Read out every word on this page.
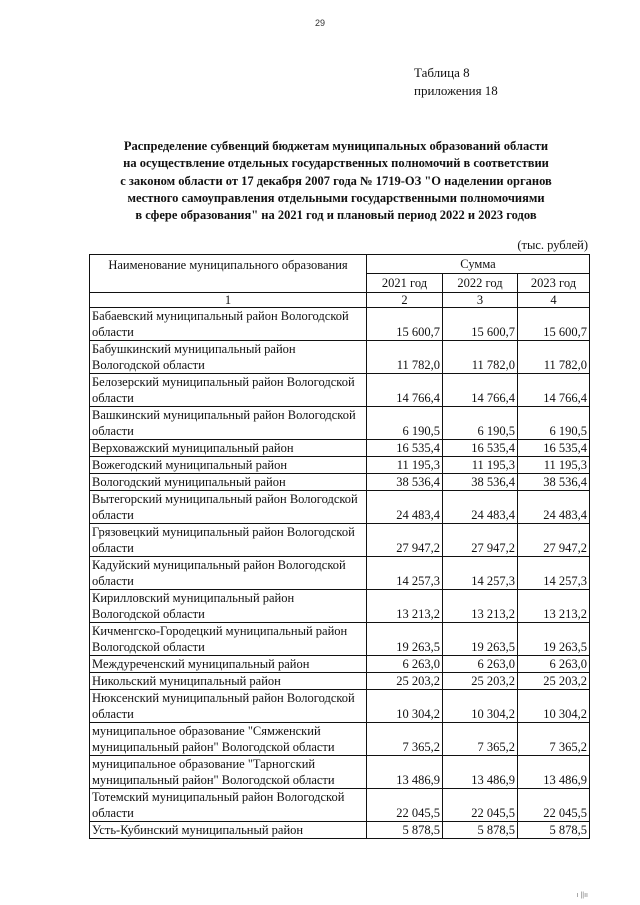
29
Таблица 8
приложения 18
Распределение субвенций бюджетам муниципальных образований области
на осуществление отдельных государственных полномочий в соответствии
с законом области от 17 декабря 2007 года № 1719-ОЗ "О наделении органов
местного самоуправления отдельными государственными полномочиями
в сфере образования" на 2021 год и плановый период 2022 и 2023 годов
(тыс. рублей)
Наименование муниципального образования	Сумма		
	2021 год	2022 год	2023 год
1	2	3	4
Бабаевский муниципальный район Вологодской области	15 600,7	15 600,7	15 600,7
Бабушкинский муниципальный район Вологодской области	11 782,0	11 782,0	11 782,0
Белозерский муниципальный район Вологодской области	14 766,4	14 766,4	14 766,4
Вашкинский муниципальный район Вологодской области	6 190,5	6 190,5	6 190,5
Верховажский муниципальный район	16 535,4	16 535,4	16 535,4
Вожегодский муниципальный район	11 195,3	11 195,3	11 195,3
Вологодский муниципальный район	38 536,4	38 536,4	38 536,4
Вытегорский муниципальный район Вологодской области	24 483,4	24 483,4	24 483,4
Грязовецкий муниципальный район Вологодской области	27 947,2	27 947,2	27 947,2
Кадуйский муниципальный район Вологодской области	14 257,3	14 257,3	14 257,3
Кирилловский муниципальный район Вологодской области	13 213,2	13 213,2	13 213,2
Кичменгско-Городецкий муниципальный район Вологодской области	19 263,5	19 263,5	19 263,5
Междуреченский муниципальный район	6 263,0	6 263,0	6 263,0
Никольский муниципальный район	25 203,2	25 203,2	25 203,2
Нюксенский муниципальный район Вологодской области	10 304,2	10 304,2	10 304,2
муниципальное образование "Сямженский муниципальный район" Вологодской области	7 365,2	7 365,2	7 365,2
муниципальное образование "Тарногский муниципальный район" Вологодской области	13 486,9	13 486,9	13 486,9
Тотемский муниципальный район Вологодской области	22 045,5	22 045,5	22 045,5
Усть-Кубинский муниципальный район	5 878,5	5 878,5	5 878,5
ı ||ıı
